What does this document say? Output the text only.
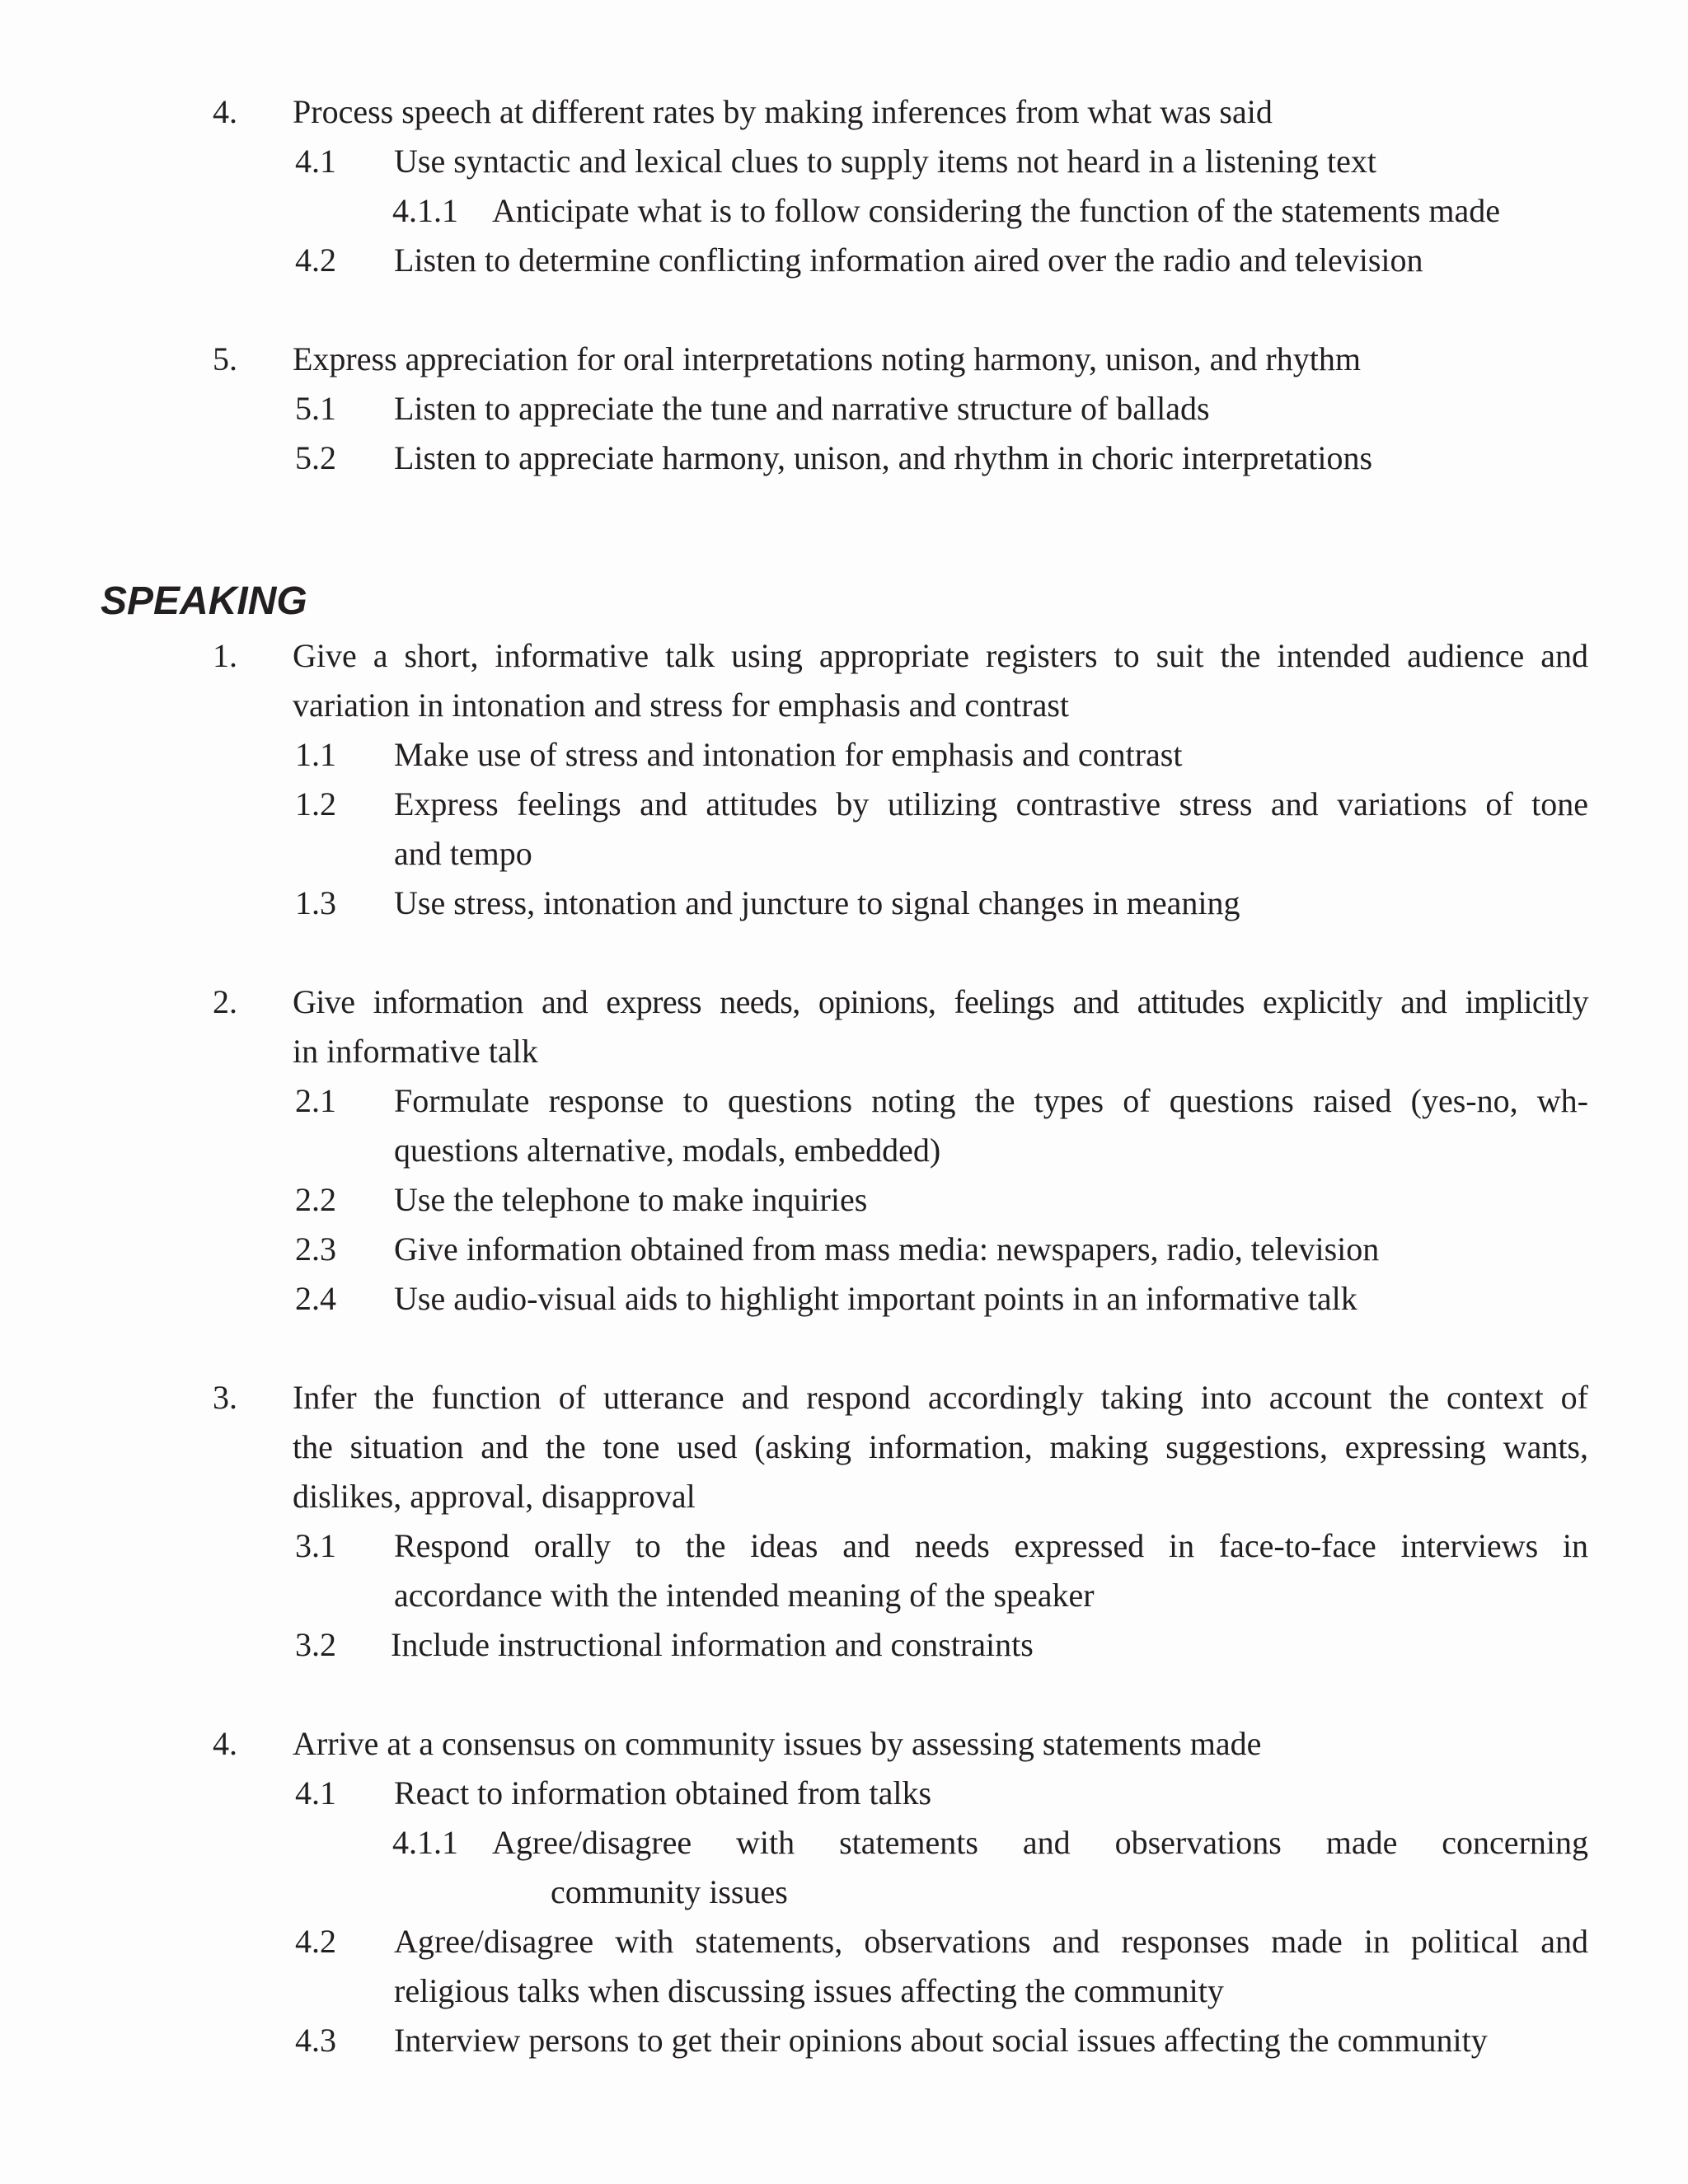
4. Process speech at different rates by making inferences from what was said
4.1 Use syntactic and lexical clues to supply items not heard in a listening text
4.1.1 Anticipate what is to follow considering the function of the statements made
4.2 Listen to determine conflicting information aired over the radio and television
5. Express appreciation for oral interpretations noting harmony, unison, and rhythm
5.1 Listen to appreciate the tune and narrative structure of ballads
5.2 Listen to appreciate harmony, unison, and rhythm in choric interpretations
SPEAKING
1. Give a short, informative talk using appropriate registers to suit the intended audience and
variation in intonation and stress for emphasis and contrast
1.1 Make use of stress and intonation for emphasis and contrast
1.2 Express feelings and attitudes by utilizing contrastive stress and variations of tone
and tempo
1.3 Use stress, intonation and juncture to signal changes in meaning
2. Give information and express needs, opinions, feelings and attitudes explicitly and implicitly
in informative talk
2.1 Formulate response to questions noting the types of questions raised (yes-no, wh-
questions alternative, modals, embedded)
2.2 Use the telephone to make inquiries
2.3 Give information obtained from mass media: newspapers, radio, television
2.4 Use audio-visual aids to highlight important points in an informative talk
3. Infer the function of utterance and respond accordingly taking into account the context of
the situation and the tone used (asking information, making suggestions, expressing wants,
dislikes, approval, disapproval
3.1 Respond orally to the ideas and needs expressed in face-to-face interviews in
accordance with the intended meaning of the speaker
3.2 Include instructional information and constraints
4. Arrive at a consensus on community issues by assessing statements made
4.1 React to information obtained from talks
4.1.1 Agree/disagree with statements and observations made concerning
community issues
4.2 Agree/disagree with statements, observations and responses made in political and
religious talks when discussing issues affecting the community
4.3 Interview persons to get their opinions about social issues affecting the community
